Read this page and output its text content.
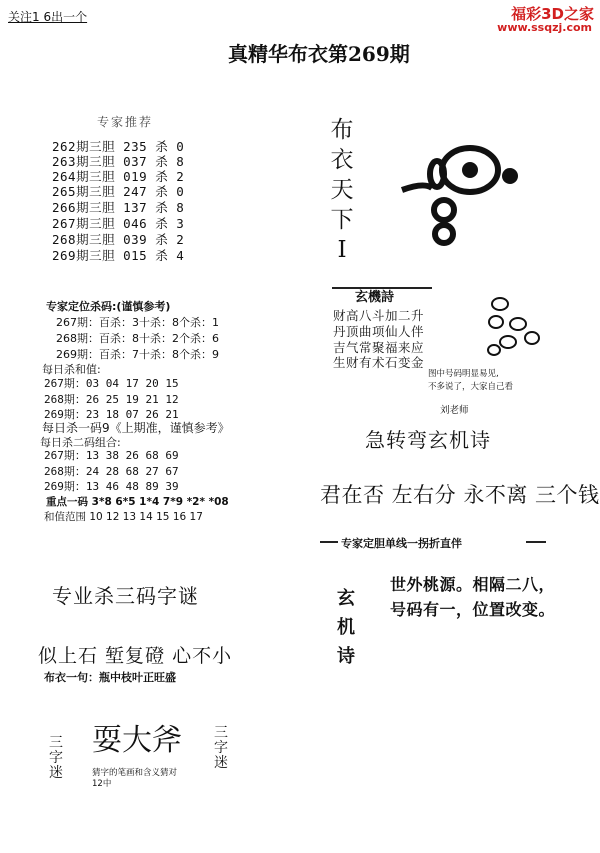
关注1 6出一个	福彩3D之家
www.ssqzj.com
真精华布衣第269期
专家推荐
262期三胆 235 杀 0
263期三胆 037 杀 8
264期三胆 019 杀 2
265期三胆 247 杀 0
266期三胆 137 杀 8
267期三胆 046 杀 3
268期三胆 039 杀 2
269期三胆 015 杀 4
专家定位杀码:(谨慎参考)
267期：百杀：3十杀：8个杀：1
268期：百杀：8十杀：2个杀：6
269期：百杀：7十杀：8个杀：9
每日杀和值:
267期：03 04 17 20 15
268期：26 25 19 21 12
269期：23 18 07 26 21
每日杀一码9《上期准，谨慎参考》
每日杀二码组合:
267期：13 38 26 68 69
268期：24 28 68 27 67
269期：13 46 48 89 39
重点一码 3*8 6*5 1*4 7*9 *2* *08
和值范围 10 12 13 14 15 16 17
专业杀三码字谜
似上石 堑复磴 心不小
布衣一句：瓶中枝叶正旺盛
三字迷
耍大斧
猜字的笔画和含义猜对12中
三字迷
布衣天下Ⅰ
玄機詩
财高八斗加二升
丹顶曲项仙人伴
吉气常聚福来应
生财有术石变金
图中号码明显易见,
不多说了，大家自己看
刘老师
急转弯玄机诗
君在否 左右分 永不离 三个钱
专家定胆单线一拐折直伴
玄机诗
世外桃源。相隔二八，
号码有一，位置改变。
